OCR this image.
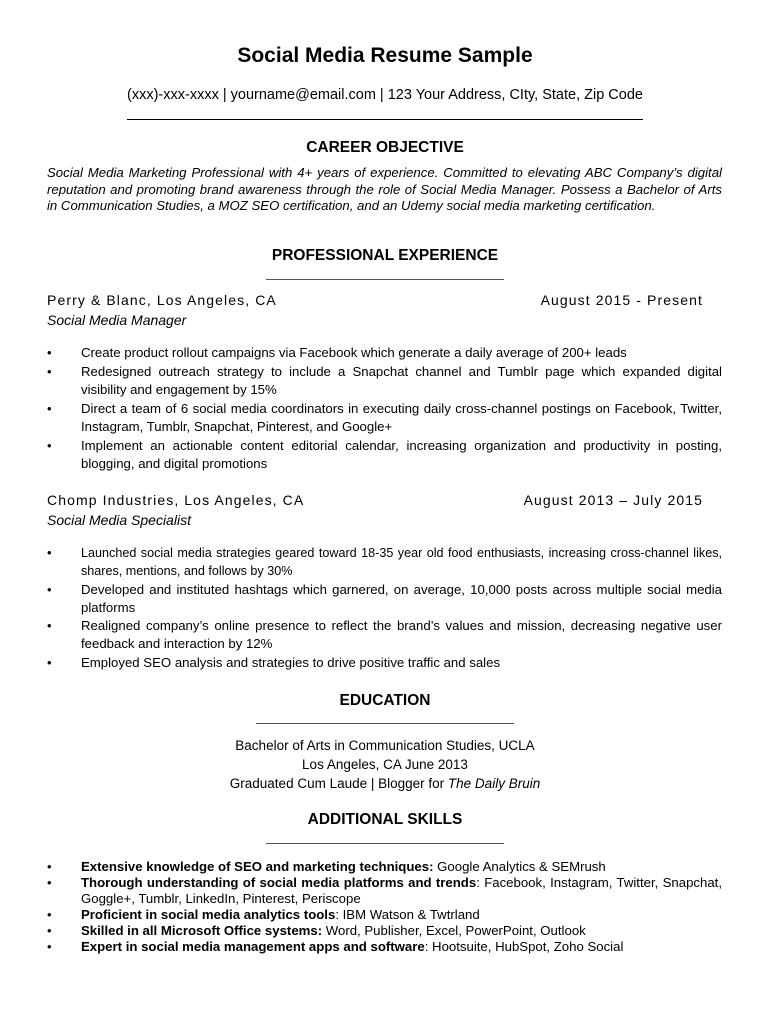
Social Media Resume Sample
(xxx)-xxx-xxxx | yourname@email.com | 123 Your Address, CIty, State, Zip Code
CAREER OBJECTIVE
Social Media Marketing Professional with 4+ years of experience. Committed to elevating ABC Company’s digital reputation and promoting brand awareness through the role of Social Media Manager. Possess a Bachelor of Arts in Communication Studies, a MOZ SEO certification, and an Udemy social media marketing certification.
PROFESSIONAL EXPERIENCE
Perry & Blanc, Los Angeles, CA	August 2015 - Present
Social Media Manager
• Create product rollout campaigns via Facebook which generate a daily average of 200+ leads
• Redesigned outreach strategy to include a Snapchat channel and Tumblr page which expanded digital visibility and engagement by 15%
• Direct a team of 6 social media coordinators in executing daily cross-channel postings on Facebook, Twitter, Instagram, Tumblr, Snapchat, Pinterest, and Google+
• Implement an actionable content editorial calendar, increasing organization and productivity in posting, blogging, and digital promotions
Chomp Industries, Los Angeles, CA	August 2013 – July 2015
Social Media Specialist
• Launched social media strategies geared toward 18-35 year old food enthusiasts, increasing cross-channel likes, shares, mentions, and follows by 30%
• Developed and instituted hashtags which garnered, on average, 10,000 posts across multiple social media platforms
• Realigned company’s online presence to reflect the brand’s values and mission, decreasing negative user feedback and interaction by 12%
• Employed SEO analysis and strategies to drive positive traffic and sales
EDUCATION
Bachelor of Arts in Communication Studies, UCLA
Los Angeles, CA June 2013
Graduated Cum Laude | Blogger for The Daily Bruin
ADDITIONAL SKILLS
• Extensive knowledge of SEO and marketing techniques: Google Analytics & SEMrush
• Thorough understanding of social media platforms and trends: Facebook, Instagram, Twitter, Snapchat, Goggle+, Tumblr, LinkedIn, Pinterest, Periscope
• Proficient in social media analytics tools: IBM Watson & Twtrland
• Skilled in all Microsoft Office systems: Word, Publisher, Excel, PowerPoint, Outlook
• Expert in social media management apps and software: Hootsuite, HubSpot, Zoho Social
